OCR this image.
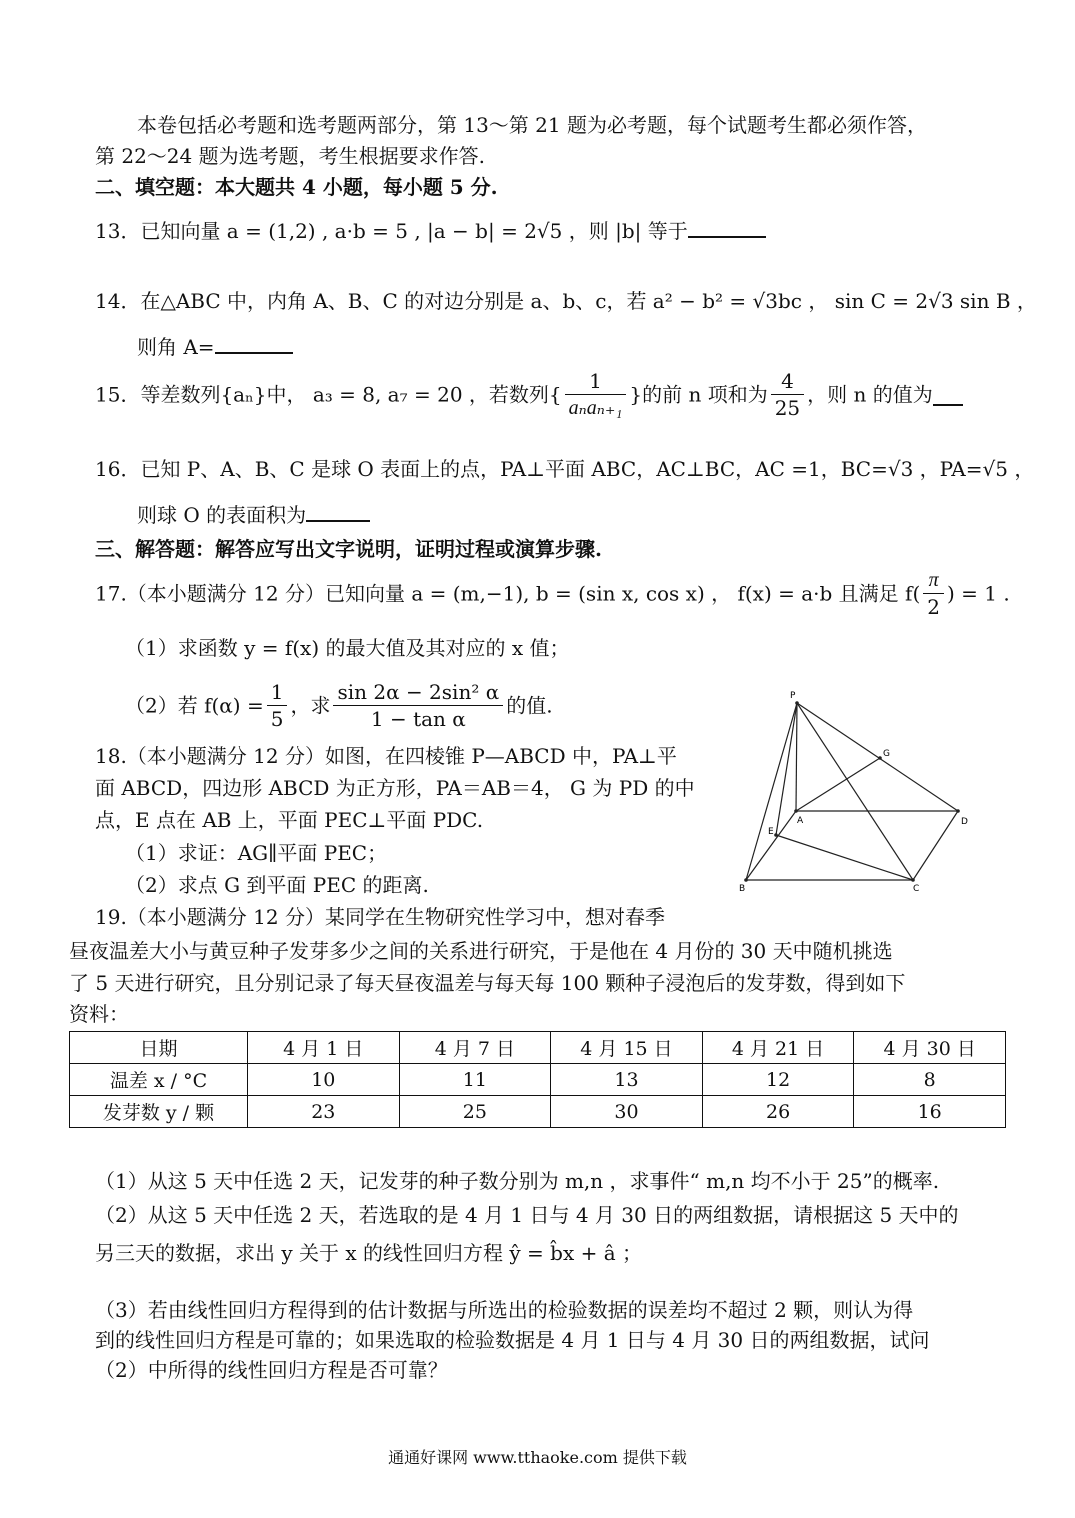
本卷包括必考题和选考题两部分，第 13～第 21 题为必考题，每个试题考生都必须作答，
第 22～24 题为选考题，考生根据要求作答.
二、填空题：本大题共 4 小题，每小题 5 分.
13．已知向量 a = (1,2) , a·b = 5 , |a − b| = 2√5 ，则 |b| 等于
14．在△ABC 中，内角 A、B、C 的对边分别是 a、b、c，若 a² − b² = √3bc ， sin C = 2√3 sin B ，
则角 A=
15．等差数列{aₙ}中， a₃ = 8, a₇ = 20 ，若数列{ $\frac{1}{\text{aₙaₙ₊₁}}$ }的前 n 项和为 $\frac{4}{25}$ ，则 n 的值为
16．已知 P、A、B、C 是球 O 表面上的点，PA⊥平面 ABC，AC⊥BC，AC =1，BC=√3 ，PA=√5 ，
则球 O 的表面积为
三、解答题：解答应写出文字说明，证明过程或演算步骤.
17.（本小题满分 12 分）已知向量 a = (m,−1), b = (sin x, cos x) ， f(x) = a·b 且满足 $f( \frac{\pi}{2}$ ) = 1 .
（1）求函数 y = f(x) 的最大值及其对应的 x 值；
（2）若 $f(\alpha) = \frac{1}{5}$ ，求 $\frac{\text{sin 2α − 2sin² α}}{\text{1 − tan α}}$ 的值.
18.（本小题满分 12 分）如图，在四棱锥 P—ABCD 中，PA⊥平
面 ABCD，四边形 ABCD 为正方形，PA＝AB＝4， G 为 PD 的中
点，E 点在 AB 上，平面 PEC⊥平面 PDC.
（1）求证：AG∥平面 PEC；
（2）求点 G 到平面 PEC 的距离.
P
G
A	D
E
B	C
19.（本小题满分 12 分）某同学在生物研究性学习中，想对春季
昼夜温差大小与黄豆种子发芽多少之间的关系进行研究，于是他在 4 月份的 30 天中随机挑选
了 5 天进行研究，且分别记录了每天昼夜温差与每天每 100 颗种子浸泡后的发芽数，得到如下
资料：
日期	4 月 1 日	4 月 7 日	4 月 15 日	4 月 21 日	4 月 30 日
温差 x / °C	10	11	13	12	8
发芽数 y / 颗	23	25	30	26	16
（1）从这 5 天中任选 2 天，记发芽的种子数分别为 m,n ，求事件“ m,n 均不小于 25”的概率.
（2）从这 5 天中任选 2 天，若选取的是 4 月 1 日与 4 月 30 日的两组数据，请根据这 5 天中的
另三天的数据，求出 y 关于 x 的线性回归方程 ŷ = b̂x + â ；
（3）若由线性回归方程得到的估计数据与所选出的检验数据的误差均不超过 2 颗，则认为得
到的线性回归方程是可靠的；如果选取的检验数据是 4 月 1 日与 4 月 30 日的两组数据，试问
（2）中所得的线性回归方程是否可靠？
通通好课网 www.tthaoke.com 提供下载
